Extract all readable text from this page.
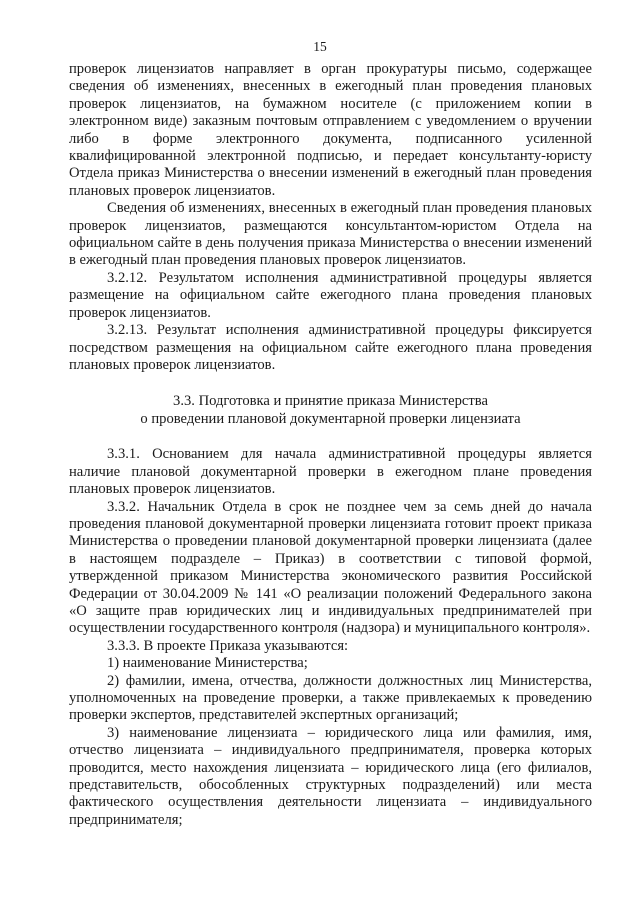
15

проверок лицензиатов направляет в орган прокуратуры письмо, содержащее сведения об изменениях, внесенных в ежегодный план проведения плановых проверок лицензиатов, на бумажном носителе (с приложением копии в электронном виде) заказным почтовым отправлением с уведомлением о вручении либо в форме электронного документа, подписанного усиленной квалифицированной электронной подписью, и передает консультанту-юристу Отдела приказ Министерства о внесении изменений в ежегодный план проведения плановых проверок лицензиатов.

Сведения об изменениях, внесенных в ежегодный план проведения плановых проверок лицензиатов, размещаются консультантом-юристом Отдела на официальном сайте в день получения приказа Министерства о внесении изменений в ежегодный план проведения плановых проверок лицензиатов.

3.2.12. Результатом исполнения административной процедуры является размещение на официальном сайте ежегодного плана проведения плановых проверок лицензиатов.

3.2.13. Результат исполнения административной процедуры фиксируется посредством размещения на официальном сайте ежегодного плана проведения плановых проверок лицензиатов.

3.3. Подготовка и принятие приказа Министерства
о проведении плановой документарной проверки лицензиата

3.3.1. Основанием для начала административной процедуры является наличие плановой документарной проверки в ежегодном плане проведения плановых проверок лицензиатов.

3.3.2. Начальник Отдела в срок не позднее чем за семь дней до начала проведения плановой документарной проверки лицензиата готовит проект приказа Министерства о проведении плановой документарной проверки лицензиата (далее в настоящем подразделе – Приказ) в соответствии с типовой формой, утвержденной приказом Министерства экономического развития Российской Федерации от 30.04.2009 № 141 «О реализации положений Федерального закона «О защите прав юридических лиц и индивидуальных предпринимателей при осуществлении государственного контроля (надзора) и муниципального контроля».

3.3.3. В проекте Приказа указываются:

1) наименование Министерства;

2) фамилии, имена, отчества, должности должностных лиц Министерства, уполномоченных на проведение проверки, а также привлекаемых к проведению проверки экспертов, представителей экспертных организаций;

3) наименование лицензиата – юридического лица или фамилия, имя, отчество лицензиата – индивидуального предпринимателя, проверка которых проводится, место нахождения лицензиата – юридического лица (его филиалов, представительств, обособленных структурных подразделений) или места фактического осуществления деятельности лицензиата – индивидуального предпринимателя;
